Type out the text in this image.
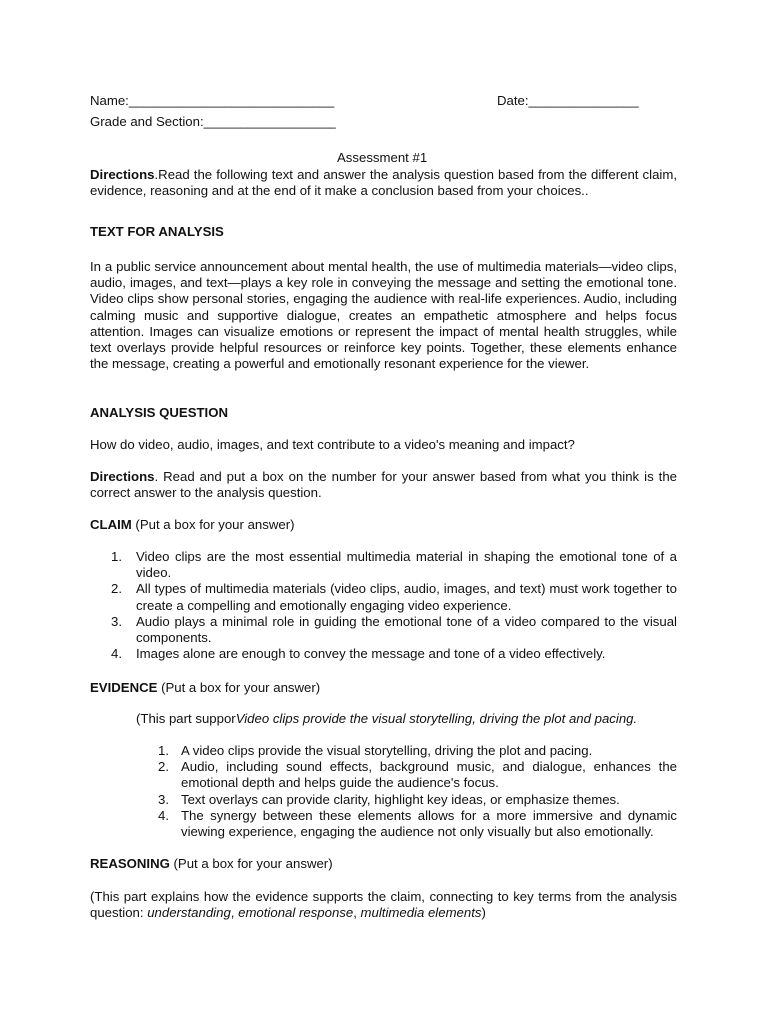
Name:____________________________	Date:_______________

Grade and Section:__________________

Assessment #1

Directions.Read the following text and answer the analysis question based from the different claim, evidence, reasoning and at the end of it make a conclusion based from your choices..

TEXT FOR ANALYSIS

In a public service announcement about mental health, the use of multimedia materials—video clips, audio, images, and text—plays a key role in conveying the message and setting the emotional tone. Video clips show personal stories, engaging the audience with real-life experiences. Audio, including calming music and supportive dialogue, creates an empathetic atmosphere and helps focus attention. Images can visualize emotions or represent the impact of mental health struggles, while text overlays provide helpful resources or reinforce key points. Together, these elements enhance the message, creating a powerful and emotionally resonant experience for the viewer.

ANALYSIS QUESTION

How do video, audio, images, and text contribute to a video's meaning and impact?

Directions. Read and put a box on the number for your answer based from what you think is the correct answer to the analysis question.

CLAIM (Put a box for your answer)

1. Video clips are the most essential multimedia material in shaping the emotional tone of a video.
2. All types of multimedia materials (video clips, audio, images, and text) must work together to create a compelling and emotionally engaging video experience.
3. Audio plays a minimal role in guiding the emotional tone of a video compared to the visual components.
4. Images alone are enough to convey the message and tone of a video effectively.

EVIDENCE (Put a box for your answer)

(This part supporVideo clips provide the visual storytelling, driving the plot and pacing.

1. A video clips provide the visual storytelling, driving the plot and pacing.
2. Audio, including sound effects, background music, and dialogue, enhances the emotional depth and helps guide the audience's focus.
3. Text overlays can provide clarity, highlight key ideas, or emphasize themes.
4. The synergy between these elements allows for a more immersive and dynamic viewing experience, engaging the audience not only visually but also emotionally.

REASONING (Put a box for your answer)

(This part explains how the evidence supports the claim, connecting to key terms from the analysis question: understanding, emotional response, multimedia elements)
